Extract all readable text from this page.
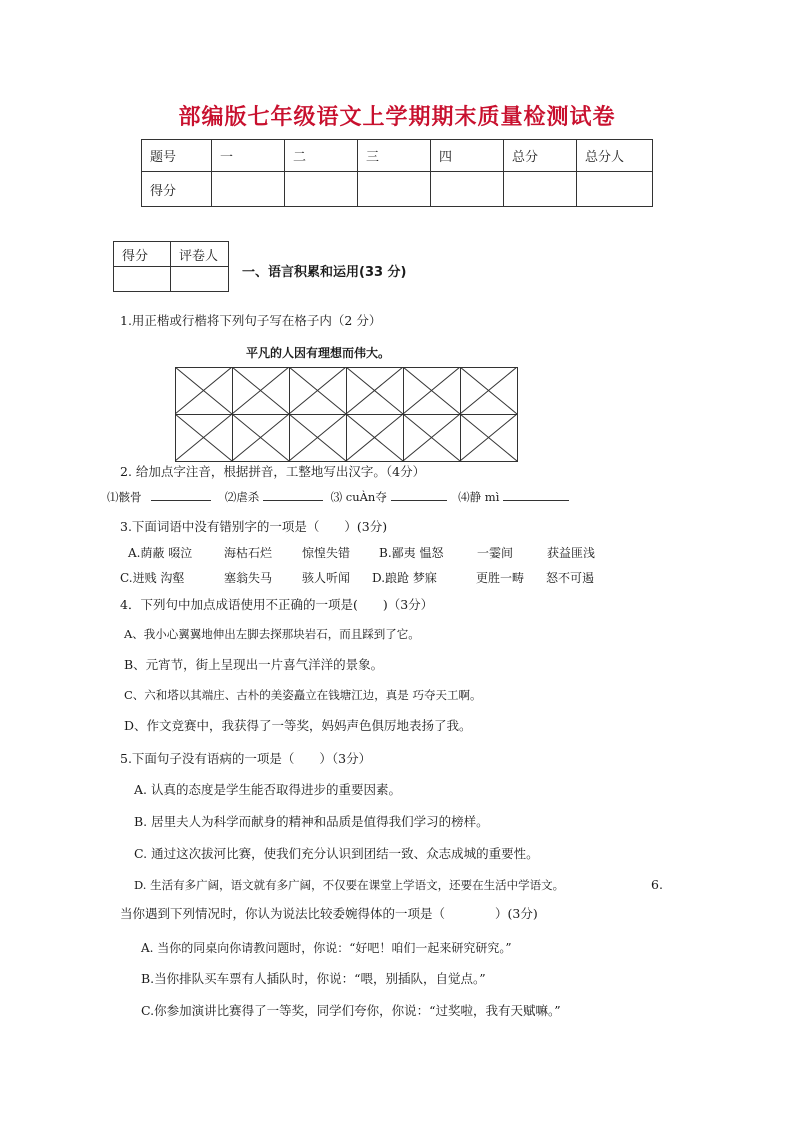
部编版七年级语文上学期期末质量检测试卷
题号	一	二	三	四	总分	总分人
得分						
得分	评卷人

一、语言积累和运用(33 分)
1.用正楷或行楷将下列句子写在格子内（2 分）
平凡的人因有理想而伟大。
2. 给加点字注音，根据拼音，工整地写出汉字。（4分）
⑴骸骨	⑵虐杀	⑶ cuÀn夺	⑷静 mì
3.下面词语中没有错别字的一项是（　　）(3分)
A.荫蔽 啜泣	海枯石烂 惊惶失错 B.鄙夷 愠怒	一霎间	获益匪浅
C.迸贱 沟壑	塞翁失马 骇人听闻 D.踉跄 梦寐	更胜一畴 怒不可遏
4．下列句中加点成语使用不正确的一项是(　　)（3分）
A、我小心翼翼地伸出左脚去探那块岩石，而且踩到了它。
B、元宵节，街上呈现出一片喜气洋洋的景象。
C、六和塔以其端庄、古朴的美姿矗立在钱塘江边，真是 巧夺天工啊。
D、作文竞赛中，我获得了一等奖，妈妈声色俱厉地表扬了我。
5.下面句子没有语病的一项是（　　）（3分）
A. 认真的态度是学生能否取得进步的重要因素。
B. 居里夫人为科学而献身的精神和品质是值得我们学习的榜样。
C. 通过这次拔河比赛，使我们充分认识到团结一致、众志成城的重要性。
D. 生活有多广阔，语文就有多广阔，不仅要在课堂上学语文，还要在生活中学语文。	6.
当你遇到下列情况时，你认为说法比较委婉得体的一项是（　　　　）(3分)
A. 当你的同桌向你请教问题时，你说：“好吧！咱们一起来研究研究。”
B.当你排队买车票有人插队时，你说：“喂，别插队，自觉点。”
C.你参加演讲比赛得了一等奖，同学们夸你，你说：“过奖啦，我有天赋嘛。”
